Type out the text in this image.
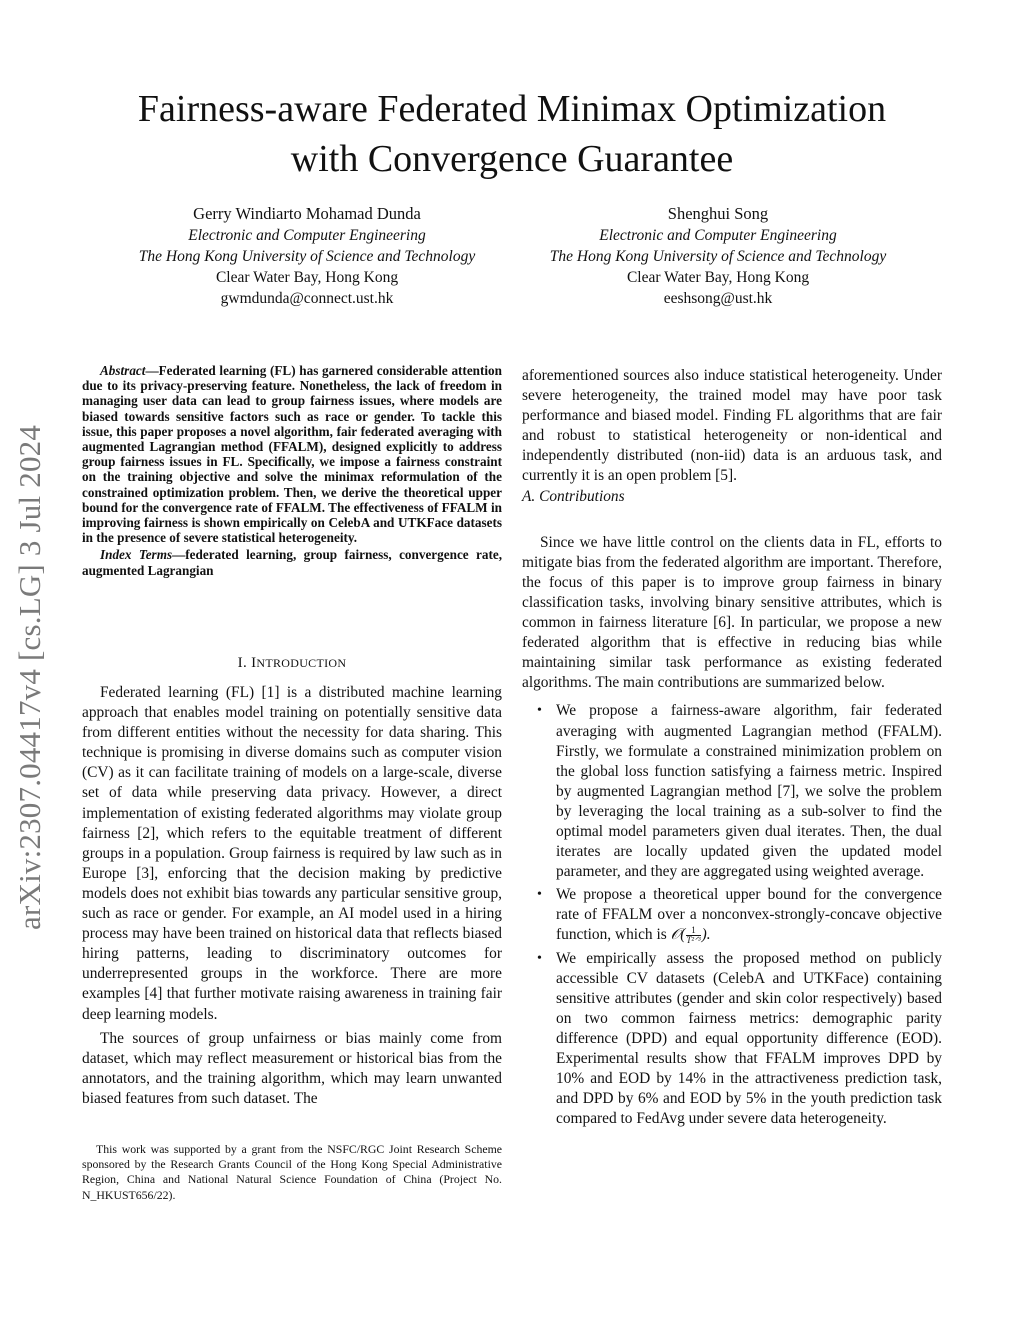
arXiv:2307.04417v4 [cs.LG] 3 Jul 2024
Fairness-aware Federated Minimax Optimization
with Convergence Guarantee
Gerry Windiarto Mohamad Dunda
Electronic and Computer Engineering
The Hong Kong University of Science and Technology
Clear Water Bay, Hong Kong
gwmdunda@connect.ust.hk
Shenghui Song
Electronic and Computer Engineering
The Hong Kong University of Science and Technology
Clear Water Bay, Hong Kong
eeshsong@ust.hk
Abstract—Federated learning (FL) has garnered considerable attention due to its privacy-preserving feature. Nonetheless, the lack of freedom in managing user data can lead to group fairness issues, where models are biased towards sensitive factors such as race or gender. To tackle this issue, this paper proposes a novel algorithm, fair federated averaging with augmented Lagrangian method (FFALM), designed explicitly to address group fairness issues in FL. Specifically, we impose a fairness constraint on the training objective and solve the minimax reformulation of the constrained optimization problem. Then, we derive the theoretical upper bound for the convergence rate of FFALM. The effectiveness of FFALM in improving fairness is shown empirically on CelebA and UTKFace datasets in the presence of severe statistical heterogeneity.
Index Terms—federated learning, group fairness, convergence rate, augmented Lagrangian
I. INTRODUCTION

Federated learning (FL) [1] is a distributed machine learning approach that enables model training on potentially sensitive data from different entities without the necessity for data sharing. This technique is promising in diverse domains such as computer vision (CV) as it can facilitate training of models on a large-scale, diverse set of data while preserving data privacy. However, a direct implementation of existing federated algorithms may violate group fairness [2], which refers to the equitable treatment of different groups in a population. Group fairness is required by law such as in Europe [3], enforcing that the decision making by predictive models does not exhibit bias towards any particular sensitive group, such as race or gender. For example, an AI model used in a hiring process may have been trained on historical data that reflects biased hiring patterns, leading to discriminatory outcomes for underrepresented groups in the workforce. There are more examples [4] that further motivate raising awareness in training fair deep learning models.

The sources of group unfairness or bias mainly come from dataset, which may reflect measurement or historical bias from the annotators, and the training algorithm, which may learn unwanted biased features from such dataset. The

This work was supported by a grant from the NSFC/RGC Joint Research Scheme sponsored by the Research Grants Council of the Hong Kong Special Administrative Region, China and National Natural Science Foundation of China (Project No. N_HKUST656/22).

aforementioned sources also induce statistical heterogeneity. Under severe heterogeneity, the trained model may have poor task performance and biased model. Finding FL algorithms that are fair and robust to statistical heterogeneity or non-identical and independently distributed (non-iid) data is an arduous task, and currently it is an open problem [5].

A. Contributions

Since we have little control on the clients data in FL, efforts to mitigate bias from the federated algorithm are important. Therefore, the focus of this paper is to improve group fairness in binary classification tasks, involving binary sensitive attributes, which is common in fairness literature [6]. In particular, we propose a new federated algorithm that is effective in reducing bias while maintaining similar task performance as existing federated algorithms. The main contributions are summarized below.

• We propose a fairness-aware algorithm, fair federated averaging with augmented Lagrangian method (FFALM). Firstly, we formulate a constrained minimization problem on the global loss function satisfying a fairness metric. Inspired by augmented Lagrangian method [7], we solve the problem by leveraging the local training as a sub-solver to find the optimal model parameters given dual iterates. Then, the dual iterates are locally updated given the updated model parameter, and they are aggregated using weighted average.
• We propose a theoretical upper bound for the convergence rate of FFALM over a nonconvex-strongly-concave objective function, which is 𝒪( $\frac{1}{\text{T²ᐟ³}}$ ).
• We empirically assess the proposed method on publicly accessible CV datasets (CelebA and UTKFace) containing sensitive attributes (gender and skin color respectively) based on two common fairness metrics: demographic parity difference (DPD) and equal opportunity difference (EOD). Experimental results show that FFALM improves DPD by 10% and EOD by 14% in the attractiveness prediction task, and DPD by 6% and EOD by 5% in the youth prediction task compared to FedAvg under severe data heterogeneity.
